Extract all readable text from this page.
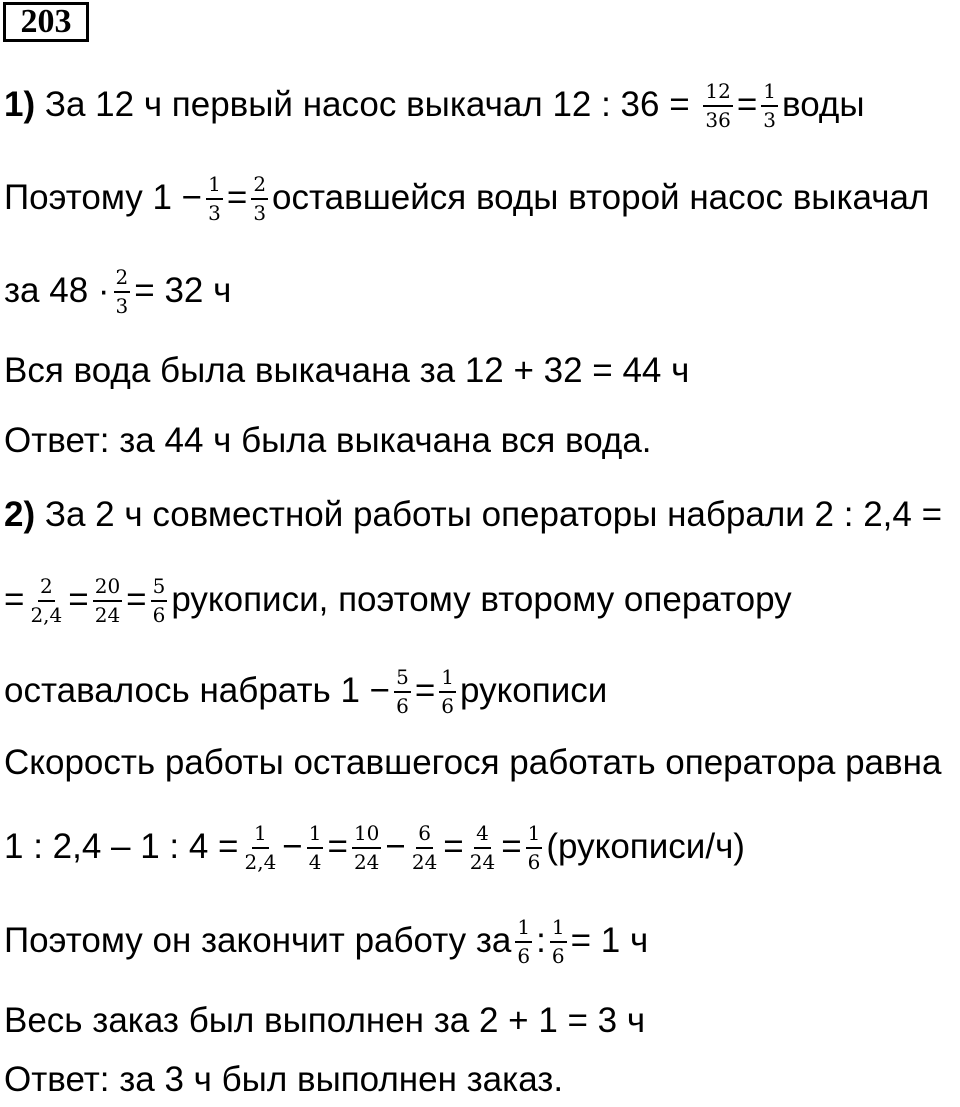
203
1) За 12 ч первый насос выкачал 12 : $36 = \frac{12}{36} = \frac{1}{3}$ воды
Поэтому $1 - \frac{1}{3} = \frac{2}{3}$ оставшейся воды второй насос выкачал
за $48 \cdot \frac{2}{3} = 32$ ч
Вся вода была выкачана за 12 + 32 = 44 ч
Ответ: за 44 ч была выкачана вся вода.
2) За 2 ч совместной работы операторы набрали 2 : 2,4 =
= $\frac{2}{2,4} = \frac{20}{24} = \frac{5}{6}$ рукописи, поэтому второму оператору
оставалось набрать $1 - \frac{5}{6} = \frac{1}{6}$ рукописи
Скорость работы оставшегося работать оператора равна
1 : 2,4 – 1 : $4 = \frac{1}{2,4} - \frac{1}{4} = \frac{10}{24} - \frac{6}{24} = \frac{4}{24} = \frac{1}{6}$ (рукописи/ч)
Поэтому он закончит работу за $\frac{1}{6}$ : $\frac{1}{6} = 1$ ч
Весь заказ был выполнен за 2 + 1 = 3 ч
Ответ: за 3 ч был выполнен заказ.
